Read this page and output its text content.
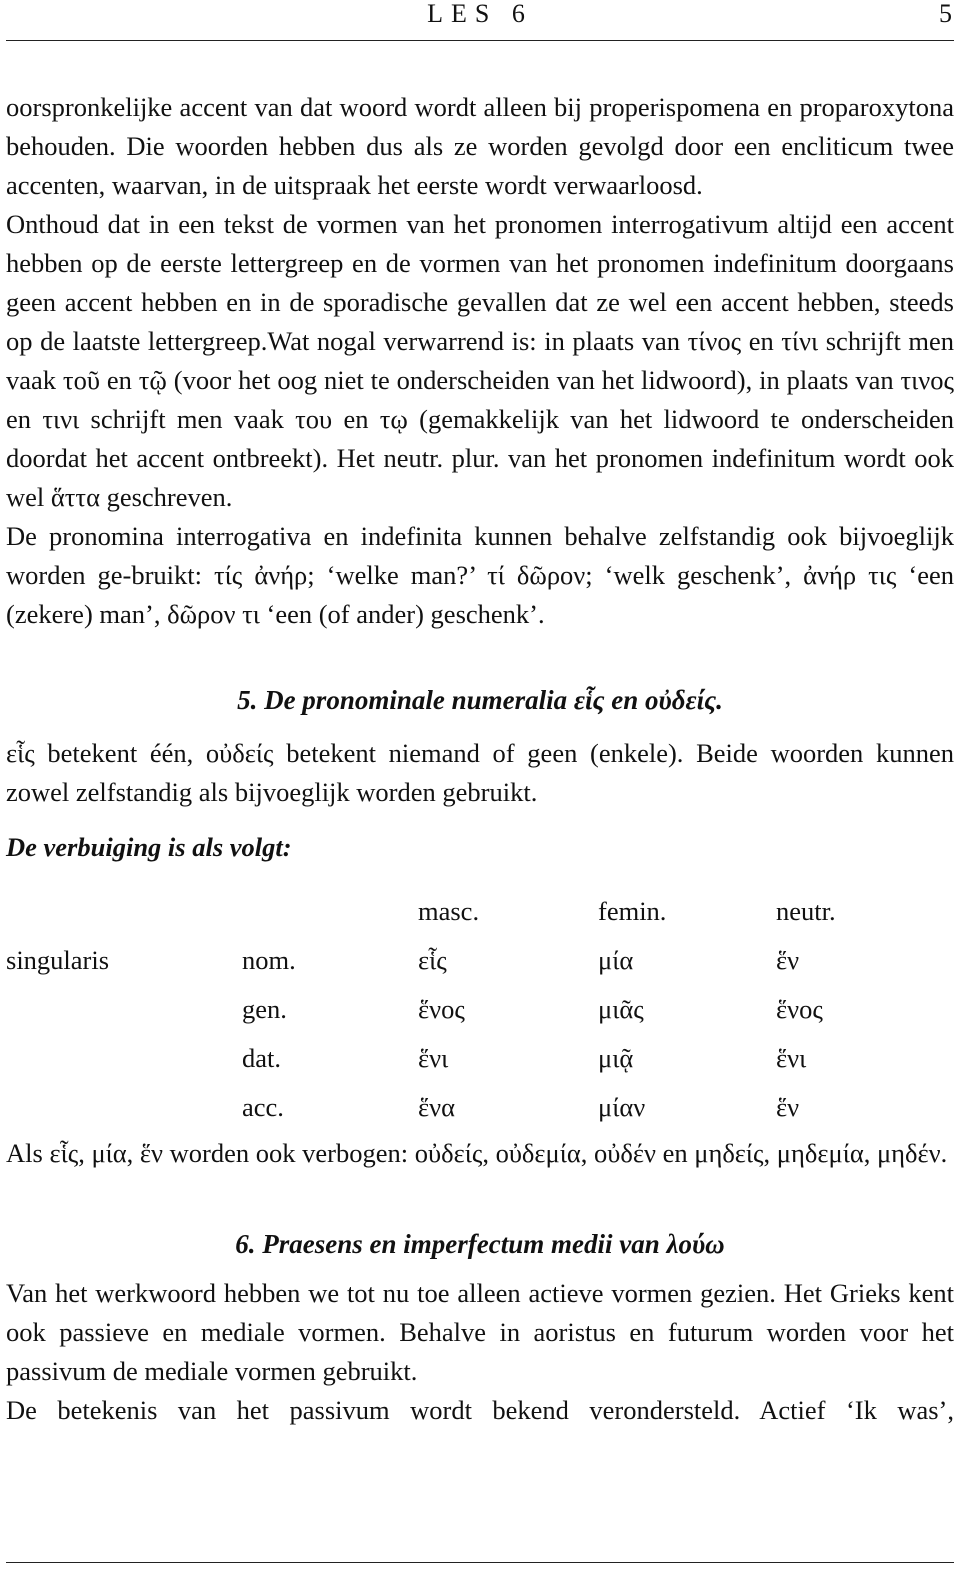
LES 6	5

oorspronkelijke accent van dat woord wordt alleen bij properispomena en proparoxytona behouden. Die woorden hebben dus als ze worden gevolgd door een encliticum twee accenten, waarvan, in de uitspraak het eerste wordt verwaarloosd.

Onthoud dat in een tekst de vormen van het pronomen interrogativum altijd een accent hebben op de eerste lettergreep en de vormen van het pronomen indefinitum doorgaans geen accent hebben en in de sporadische gevallen dat ze wel een accent hebben, steeds op de laatste lettergreep.Wat nogal verwarrend is: in plaats van τίνος en τίνι schrijft men vaak τοῦ en τῷ (voor het oog niet te onderscheiden van het lidwoord), in plaats van τινος en τινι schrijft men vaak του en τῳ (gemakkelijk van het lidwoord te onderscheiden doordat het accent ontbreekt). Het neutr. plur. van het pronomen indefinitum wordt ook wel ἅττα geschreven.

De pronomina interrogativa en indefinita kunnen behalve zelfstandig ook bijvoeglijk worden ge-bruikt: τίς ἀνήρ; ‘welke man?’ τί δῶρον; ‘welk geschenk’, ἀνήρ τις ‘een (zekere) man’, δῶρον τι ‘een (of ander) geschenk’.

5. De pronominale numeralia εἷς en οὐδείς.

εἷς betekent één, οὐδείς betekent niemand of geen (enkele). Beide woorden kunnen zowel zelfstandig als bijvoeglijk worden gebruikt.

De verbuiging is als volgt:

		masc.	femin.	neutr.
singularis	nom.	εἷς	μία	ἕν
	gen.	ἕνος	μιᾶς	ἕνος
	dat.	ἕνι	μιᾷ	ἕνι
	acc.	ἕνα	μίαν	ἕν

Als εἷς, μία, ἕν worden ook verbogen: οὐδείς, οὐδεμία, οὐδέν en μηδείς, μηδεμία, μηδέν.

6. Praesens en imperfectum medii van λούω

Van het werkwoord hebben we tot nu toe alleen actieve vormen gezien. Het Grieks kent ook passieve en mediale vormen. Behalve in aoristus en futurum worden voor het passivum de mediale vormen gebruikt.

De betekenis van het passivum wordt bekend verondersteld. Actief ‘Ik was’,
